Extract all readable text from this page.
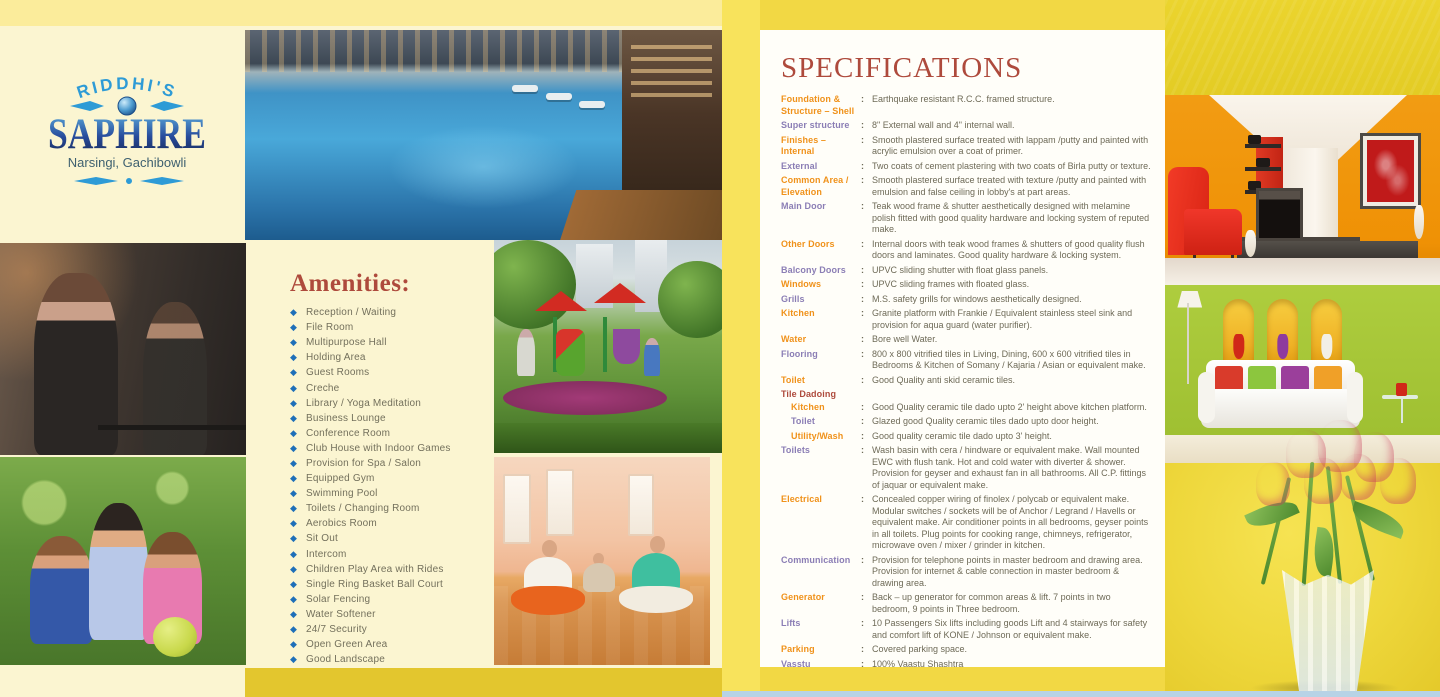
RIDDHI'S
SAPHIRE
Narsingi, Gachibowli
Amenities:
◆ Reception / Waiting
◆ File Room
◆ Multipurpose Hall
◆ Holding Area
◆ Guest Rooms
◆ Creche
◆ Library / Yoga Meditation
◆ Business Lounge
◆ Conference Room
◆ Club House with Indoor Games
◆ Provision for Spa / Salon
◆ Equipped Gym
◆ Swimming Pool
◆ Toilets / Changing Room
◆ Aerobics Room
◆ Sit Out
◆ Intercom
◆ Children Play Area with Rides
◆ Single Ring Basket Ball Court
◆ Solar Fencing
◆ Water Softener
◆ 24/7 Security
◆ Open Green Area
◆ Good Landscape
SPECIFICATIONS
Foundation & Structure – Shell
: Earthquake resistant R.C.C. framed structure.
Super structure	: 8" External wall and 4" internal wall.
Finishes – Internal
: Smooth plastered surface treated with lappam /putty and painted with acrylic emulsion over a coat of primer.
External	: Two coats of cement plastering with two coats of Birla putty or texture.
Common Area / Elevation
: Smooth plastered surface treated with texture /putty and painted with emulsion and false ceiling in lobby's at part areas.
Main Door	: Teak wood frame & shutter aesthetically designed with melamine polish fitted with good quality hardware and locking system of reputed make.
Other Doors	: Internal doors with teak wood frames & shutters of good quality flush doors and laminates. Good quality hardware & locking system.
Balcony Doors	: UPVC sliding shutter with float glass panels.
Windows	: UPVC sliding frames with floated glass.
Grills	: M.S. safety grills for windows aesthetically designed.
Kitchen	: Granite platform with Frankie / Equivalent stainless steel sink and provision for aqua guard (water purifier).
Water	: Bore well Water.
Flooring	: 800 x 800 vitrified tiles in Living, Dining, 600 x 600 vitrified tiles in Bedrooms & Kitchen of Somany / Kajaria / Asian or equivalent make.
Toilet	: Good Quality anti skid ceramic tiles.
Tile Dadoing
Kitchen	: Good Quality ceramic tile dado upto 2' height above kitchen platform.
Toilet	: Glazed good Quality ceramic tiles dado upto door height.
Utility/Wash	: Good quality ceramic tile dado upto 3' height.
Toilets	: Wash basin with cera / hindware or equivalent make. Wall mounted EWC with flush tank. Hot and cold water with diverter & shower. Provision for geyser and exhaust fan in all bathrooms. All C.P. fittings of jaquar or equivalent make.
Electrical	: Concealed copper wiring of finolex / polycab or equivalent make. Modular switches / sockets will be of Anchor / Legrand / Havells or equivalent make. Air conditioner points in all bedrooms, geyser points in all toilets. Plug points for cooking range, chimneys, refrigerator, microwave oven / mixer / grinder in kitchen.
Communication	: Provision for telephone points in master bedroom and drawing area. Provision for internet & cable connection in master bedroom & drawing area.
Generator	: Back – up generator for common areas & lift. 7 points in two bedroom, 9 points in Three bedroom.
Lifts	: 10 Passengers Six lifts including goods Lift and 4 stairways for safety and comfort lift of KONE / Johnson or equivalent make.
Parking	: Covered parking space.
Vasstu	: 100% Vaastu Shashtra
